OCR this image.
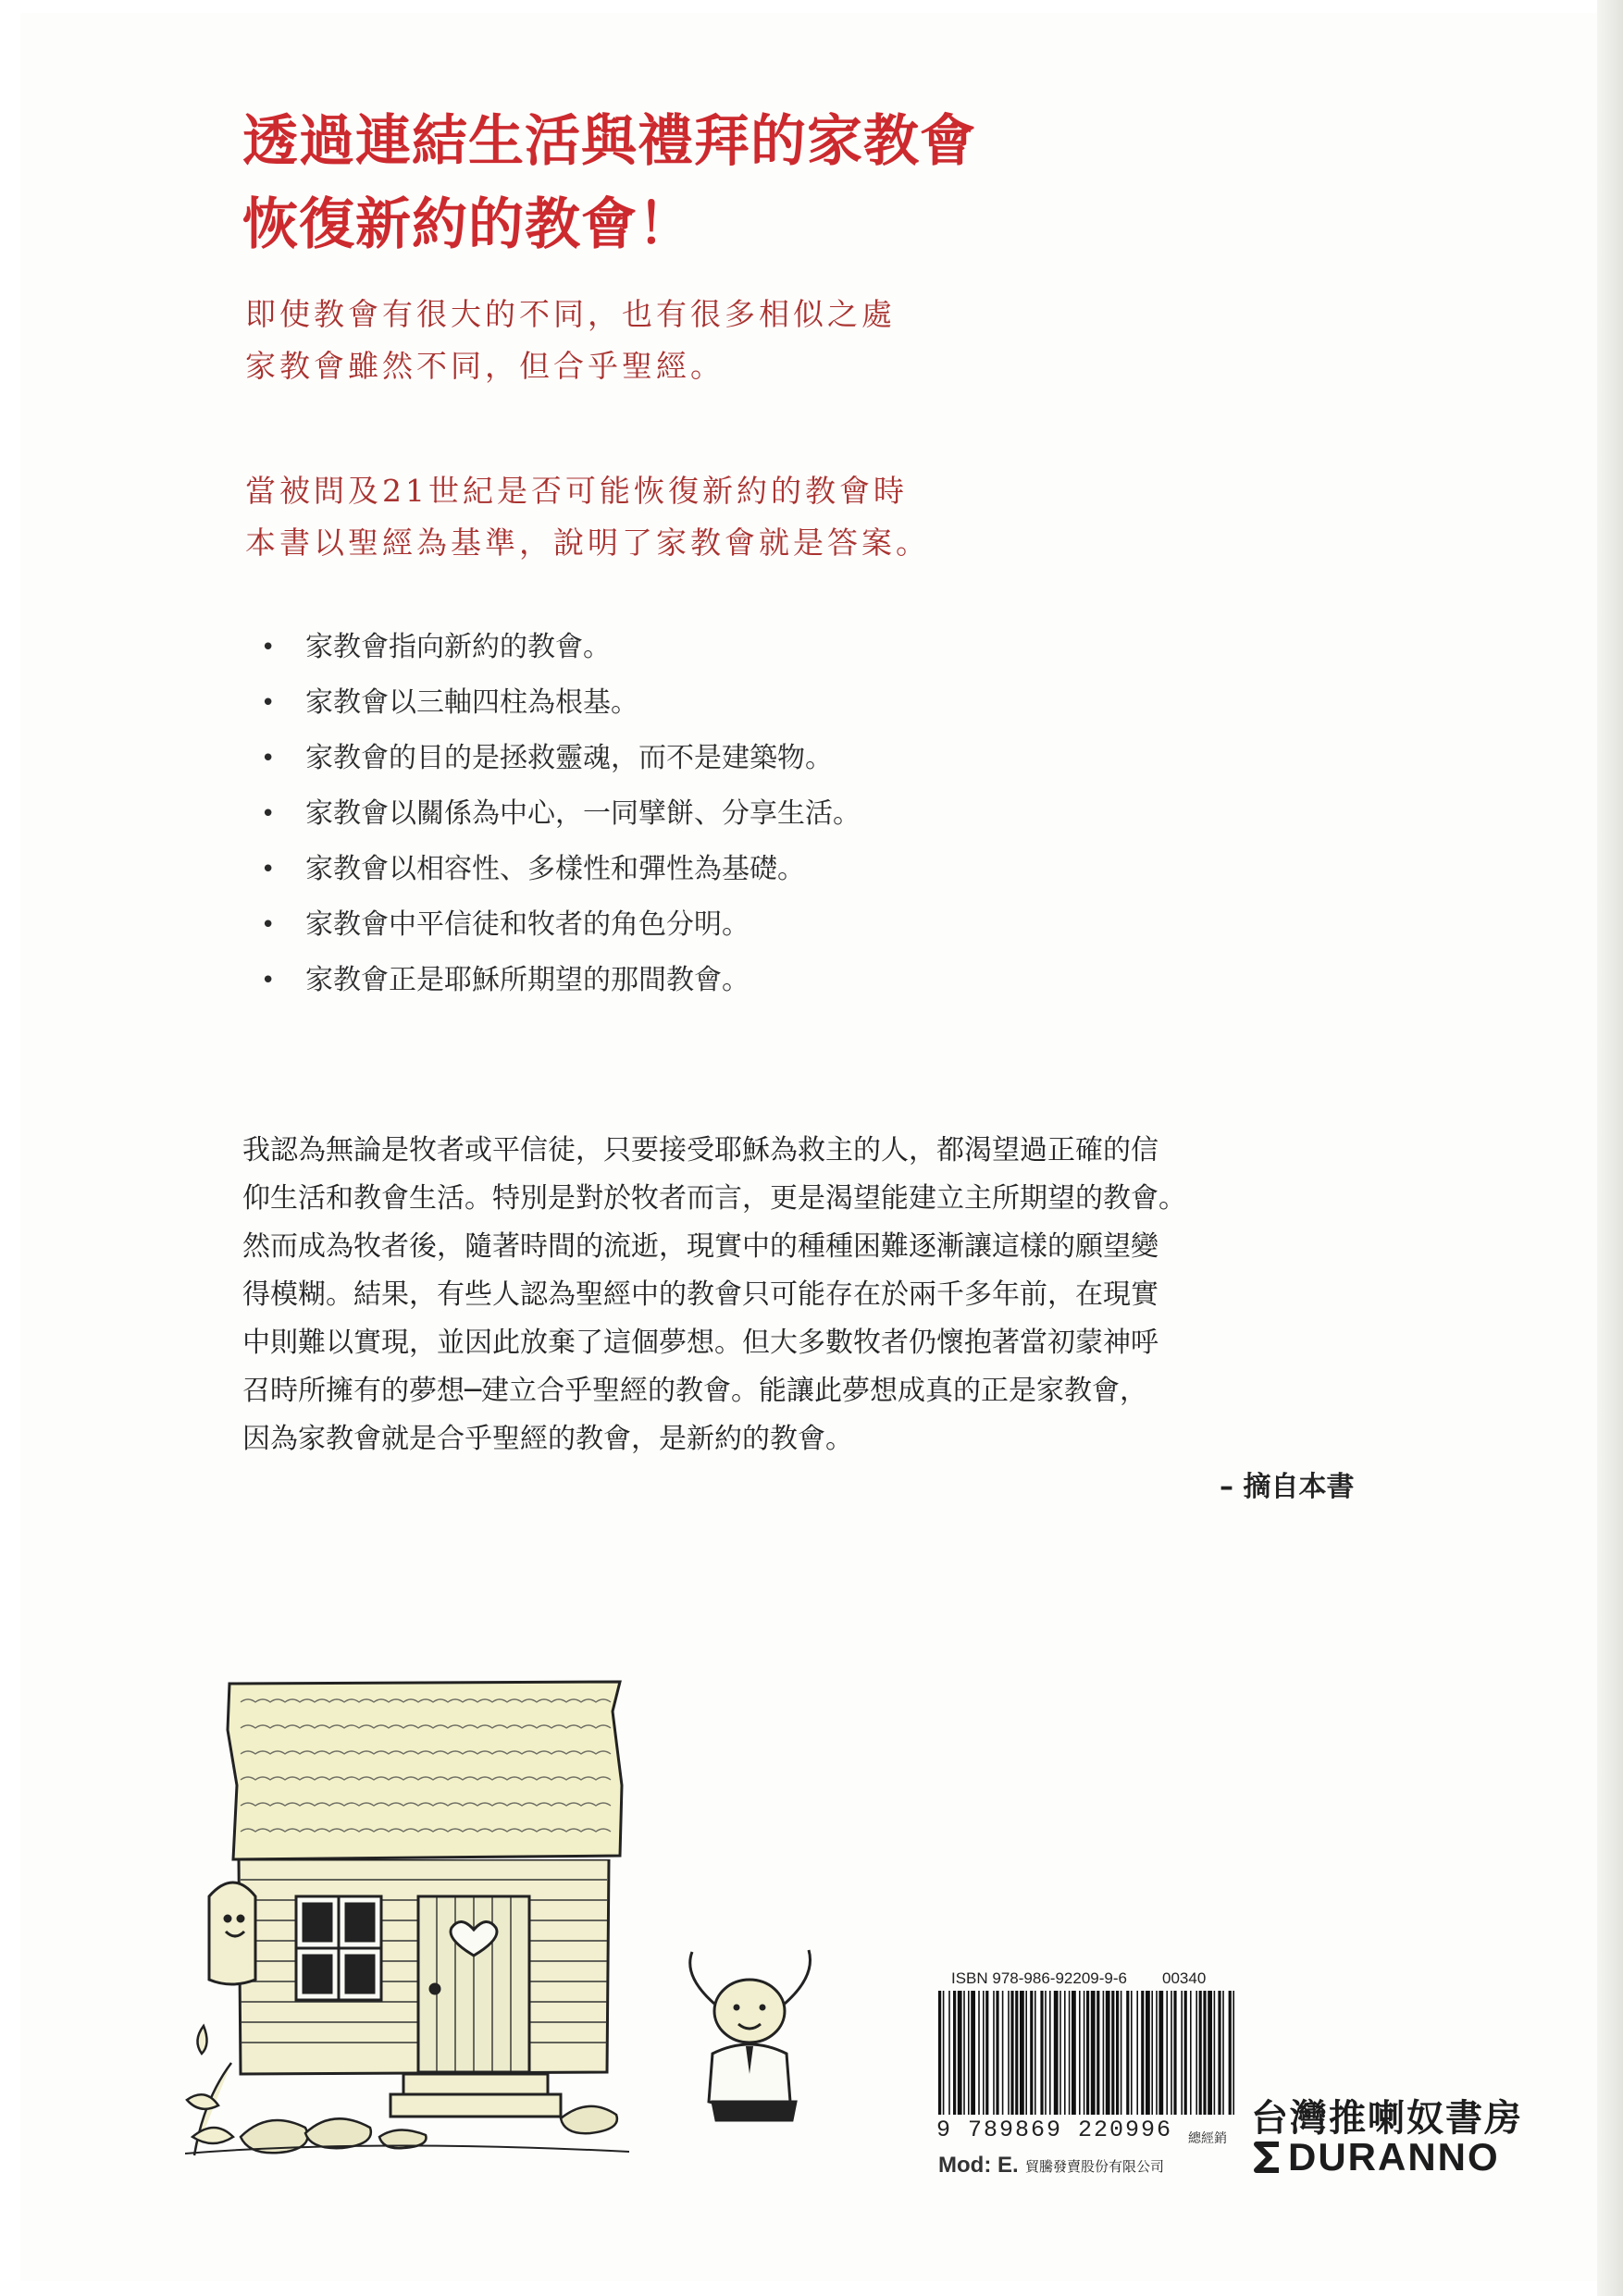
透過連結生活與禮拜的家教會
恢復新約的教會！
即使教會有很大的不同，也有很多相似之處
家教會雖然不同，但合乎聖經。
當被問及21世紀是否可能恢復新約的教會時
本書以聖經為基準，說明了家教會就是答案。
•	家教會指向新約的教會。
•	家教會以三軸四柱為根基。
•	家教會的目的是拯救靈魂，而不是建築物。
•	家教會以關係為中心，一同擘餅、分享生活。
•	家教會以相容性、多樣性和彈性為基礎。
•	家教會中平信徒和牧者的角色分明。
•	家教會正是耶穌所期望的那間教會。

我認為無論是牧者或平信徒，只要接受耶穌為救主的人，都渴望過正確的信

仰生活和教會生活。特別是對於牧者而言，更是渴望能建立主所期望的教會。

然而成為牧者後，隨著時間的流逝，現實中的種種困難逐漸讓這樣的願望變

得模糊。結果，有些人認為聖經中的教會只可能存在於兩千多年前，在現實

中則難以實現，並因此放棄了這個夢想。但大多數牧者仍懷抱著當初蒙神呼

召時所擁有的夢想─建立合乎聖經的教會。能讓此夢想成真的正是家教會，

因為家教會就是合乎聖經的教會，是新約的教會。

– 摘自本書
ISBN 978-986-92209-9-6 00340
9 789869 220996 總經銷
Mod: E. 貿騰發賣股份有限公司
台灣推喇奴書房
DURANNO
